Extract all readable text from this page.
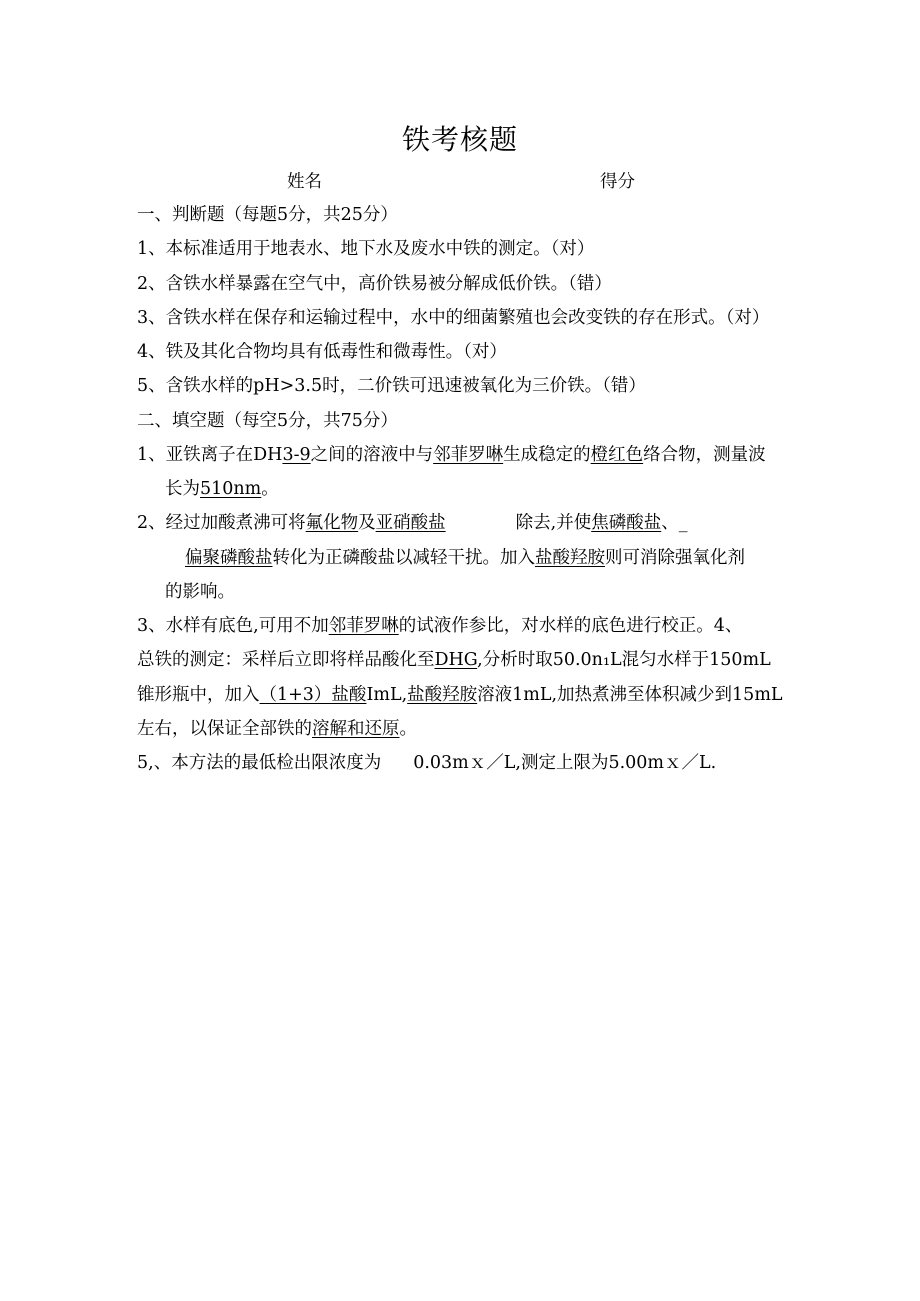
铁考核题
姓名	得分
一、判断题（每题5分，共25分）
1、本标准适用于地表水、地下水及废水中铁的测定。（对）
2、含铁水样暴露在空气中，高价铁易被分解成低价铁。（错）
3、含铁水样在保存和运输过程中，水中的细菌繁殖也会改变铁的存在形式。（对）
4、铁及其化合物均具有低毒性和微毒性。（对）
5、含铁水样的pH>3.5时，二价铁可迅速被氧化为三价铁。（错）
二、填空题（每空5分，共75分）
1、亚铁离子在DH3-9之间的溶液中与邻菲罗啉生成稳定的橙红色络合物，测量波
长为510nm。
2、经过加酸煮沸可将氟化物及亚硝酸盐	除去,并使焦磷酸盐、_
偏聚磷酸盐转化为正磷酸盐以减轻干扰。加入盐酸羟胺则可消除强氧化剂
的影响。
3、水样有底色,可用不加邻菲罗啉的试液作参比，对水样的底色进行校正。4、
总铁的测定：采样后立即将样品酸化至DHG,分析时取50.0n₁L混匀水样于150mL
锥形瓶中，加入（1+3）盐酸ImL,盐酸羟胺溶液1mL,加热煮沸至体积减少到15mL
左右，以保证全部铁的溶解和还原。
5,、本方法的最低检出限浓度为 0.03mｘ／L,测定上限为5.00mｘ／L.
